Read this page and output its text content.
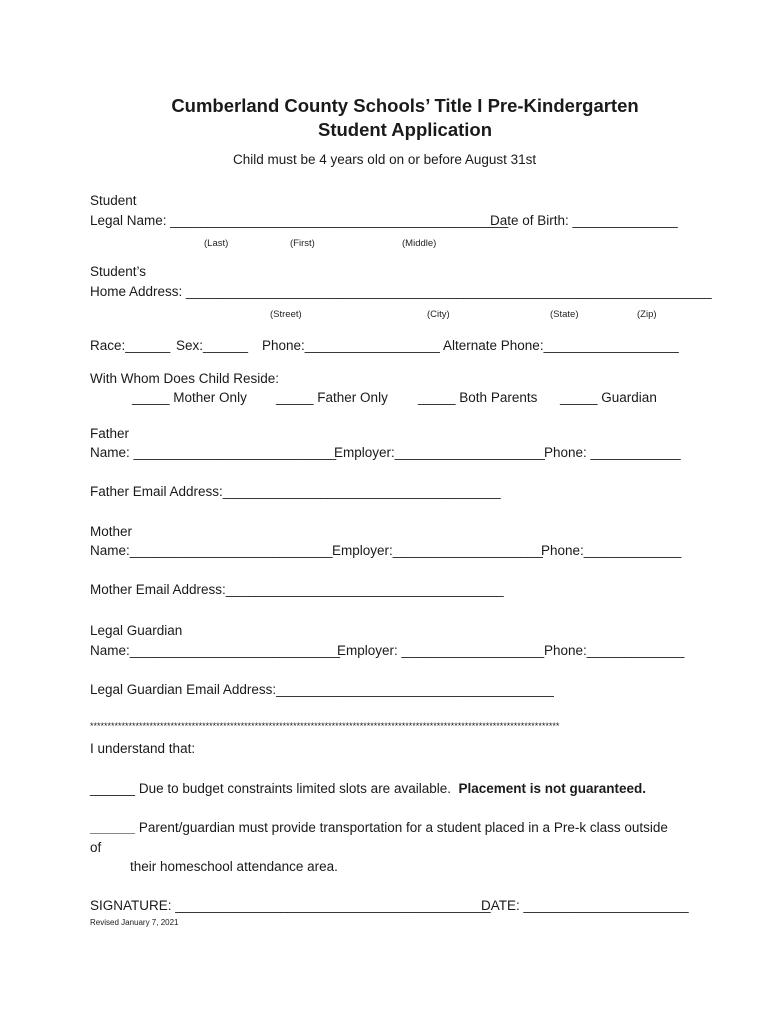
Cumberland County Schools’ Title I Pre-Kindergarten
Student Application
Child must be 4 years old on or before August 31st
Student
Legal Name: _____________________________________________
Date of Birth: ______________
(Last)	(First)	(Middle)
Student’s
Home Address: ______________________________________________________________________
(Street)	(City)	(State)	(Zip)
Race:______ Sex:______ Phone:__________________ Alternate Phone:__________________
With Whom Does Child Reside:
_____ Mother Only _____ Father Only _____ Both Parents _____ Guardian
Father
Name: ___________________________
Employer:____________________ Phone: ____________
Father Email Address:_____________________________________
Mother
Name:___________________________ Employer:____________________
Phone:_____________
Mother Email Address:_____________________________________
Legal Guardian
Name:____________________________
Employer: ___________________ Phone:_____________
Legal Guardian Email Address:_____________________________________
**************************************************************************************************************************************
I understand that:
______ Due to budget constraints limited slots are available.  Placement is not guaranteed.
______ Parent/guardian must provide transportation for a student placed in a Pre-k class outside
of
their homeschool attendance area.
SIGNATURE: __________________________________________
DATE: ______________________
Revised January 7, 2021
